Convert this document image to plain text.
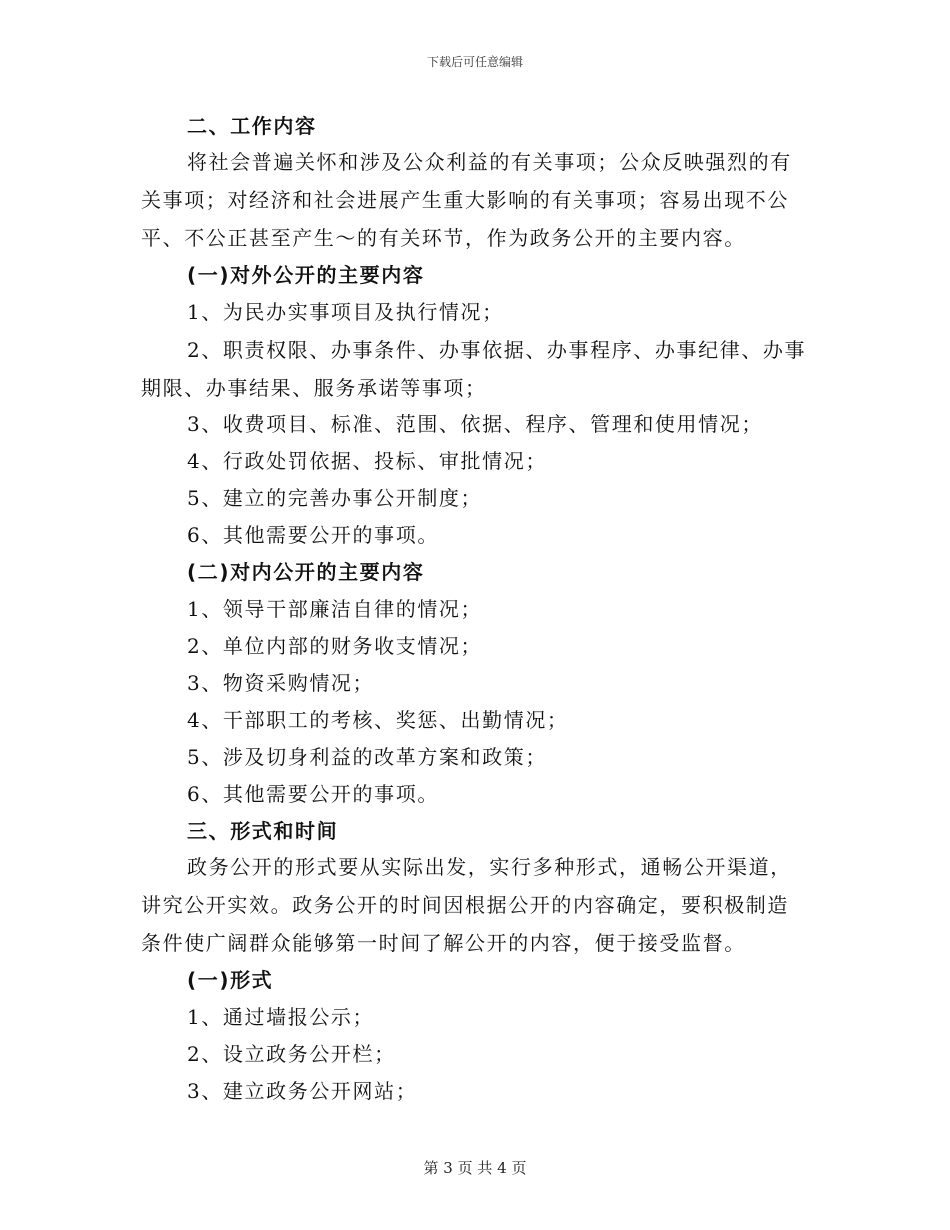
下载后可任意编辑
二、工作内容
将社会普遍关怀和涉及公众利益的有关事项；公众反映强烈的有
关事项；对经济和社会进展产生重大影响的有关事项；容易出现不公
平、不公正甚至产生～的有关环节，作为政务公开的主要内容。
(一)对外公开的主要内容
1、为民办实事项目及执行情况；
2、职责权限、办事条件、办事依据、办事程序、办事纪律、办事
期限、办事结果、服务承诺等事项；
3、收费项目、标准、范围、依据、程序、管理和使用情况；
4、行政处罚依据、投标、审批情况；
5、建立的完善办事公开制度；
6、其他需要公开的事项。
(二)对内公开的主要内容
1、领导干部廉洁自律的情况；
2、单位内部的财务收支情况；
3、物资采购情况；
4、干部职工的考核、奖惩、出勤情况；
5、涉及切身利益的改革方案和政策；
6、其他需要公开的事项。
三、形式和时间
政务公开的形式要从实际出发，实行多种形式，通畅公开渠道，
讲究公开实效。政务公开的时间因根据公开的内容确定，要积极制造
条件使广阔群众能够第一时间了解公开的内容，便于接受监督。
(一)形式
1、通过墙报公示；
2、设立政务公开栏；
3、建立政务公开网站；
第 3 页 共 4 页
